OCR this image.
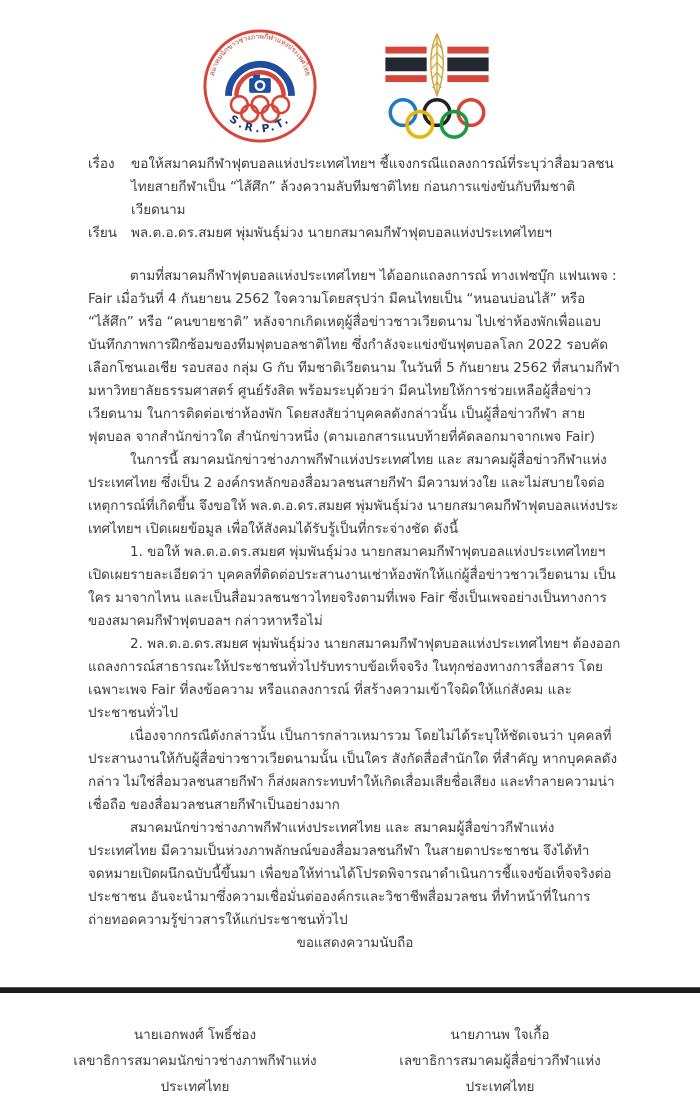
สมาคมนักข่าวช่างภาพกีฬาแห่งประเทศไทย
S.R.P.T.
เรื่อง	ขอให้สมาคมกีฬาฟุตบอลแห่งประเทศไทยฯ ชี้แจงกรณีแถลงการณ์ที่ระบุว่าสื่อมวลชนไทยสายกีฬาเป็น “ไส้ศึก” ล้วงความลับทีมชาติไทย ก่อนการแข่งขันกับทีมชาติเวียดนาม
เรียน	พล.ต.อ.ดร.สมยศ พุ่มพันธุ์ม่วง นายกสมาคมกีฬาฟุตบอลแห่งประเทศไทยฯ

ตามที่สมาคมกีฬาฟุตบอลแห่งประเทศไทยฯ ได้ออกแถลงการณ์ ทางเฟซบุ๊ก แฟนเพจ : Fair เมื่อวันที่ 4 กันยายน 2562 ใจความโดยสรุปว่า มีคนไทยเป็น “หนอนบ่อนไส้” หรือ “ไส้ศึก” หรือ “คนขายชาติ” หลังจากเกิดเหตุผู้สื่อข่าวชาวเวียดนาม ไปเช่าห้องพักเพื่อแอบบันทึกภาพการฝึกซ้อมของทีมฟุตบอลชาติไทย ซึ่งกำลังจะแข่งขันฟุตบอลโลก 2022 รอบคัดเลือกโซนเอเชีย รอบสอง กลุ่ม G กับ ทีมชาติเวียดนาม ในวันที่ 5 กันยายน 2562 ที่สนามกีฬามหาวิทยาลัยธรรมศาสตร์ ศูนย์รังสิต พร้อมระบุด้วยว่า มีคนไทยให้การช่วยเหลือผู้สื่อข่าวเวียดนาม ในการติดต่อเช่าห้องพัก โดยสงสัยว่าบุคคลดังกล่าวนั้น เป็นผู้สื่อข่าวกีฬา สายฟุตบอล จากสำนักข่าวใด สำนักข่าวหนึ่ง (ตามเอกสารแนบท้ายที่คัดลอกมาจากเพจ Fair)

ในการนี้ สมาคมนักข่าวช่างภาพกีฬาแห่งประเทศไทย และ สมาคมผู้สื่อข่าวกีฬาแห่งประเทศไทย ซึ่งเป็น 2 องค์กรหลักของสื่อมวลชนสายกีฬา มีความห่วงใย และไม่สบายใจต่อเหตุการณ์ที่เกิดขึ้น จึงขอให้ พล.ต.อ.ดร.สมยศ พุ่มพันธุ์ม่วง นายกสมาคมกีฬาฟุตบอลแห่งประเทศไทยฯ เปิดเผยข้อมูล เพื่อให้สังคมได้รับรู้เป็นที่กระจ่างชัด ดังนี้

1. ขอให้ พล.ต.อ.ดร.สมยศ พุ่มพันธุ์ม่วง นายกสมาคมกีฬาฟุตบอลแห่งประเทศไทยฯ เปิดเผยรายละเอียดว่า บุคคลที่ติดต่อประสานงานเช่าห้องพักให้แก่ผู้สื่อข่าวชาวเวียดนาม เป็นใคร มาจากไหน และเป็นสื่อมวลชนชาวไทยจริงตามที่เพจ Fair ซึ่งเป็นเพจอย่างเป็นทางการของสมาคมกีฬาฟุตบอลฯ กล่าวหาหรือไม่

2. พล.ต.อ.ดร.สมยศ พุ่มพันธุ์ม่วง นายกสมาคมกีฬาฟุตบอลแห่งประเทศไทยฯ ต้องออกแถลงการณ์สาธารณะให้ประชาชนทั่วไปรับทราบข้อเท็จจริง ในทุกช่องทางการสื่อสาร โดยเฉพาะเพจ Fair ที่ลงข้อความ หรือแถลงการณ์ ที่สร้างความเข้าใจผิดให้แก่สังคม และประชาชนทั่วไป

เนื่องจากกรณีดังกล่าวนั้น เป็นการกล่าวเหมารวม โดยไม่ได้ระบุให้ชัดเจนว่า บุคคลที่ประสานงานให้กับผู้สื่อข่าวชาวเวียดนามนั้น เป็นใคร สังกัดสื่อสำนักใด ที่สำคัญ หากบุคคลดังกล่าว ไม่ใช่สื่อมวลชนสายกีฬา ก็ส่งผลกระทบทำให้เกิดเสื่อมเสียชื่อเสียง และทำลายความน่าเชื่อถือ ของสื่อมวลชนสายกีฬาเป็นอย่างมาก

สมาคมนักข่าวช่างภาพกีฬาแห่งประเทศไทย และ สมาคมผู้สื่อข่าวกีฬาแห่งประเทศไทย มีความเป็นห่วงภาพลักษณ์ของสื่อมวลชนกีฬา ในสายตาประชาชน จึงได้ทำจดหมายเปิดผนึกฉบับนี้ขึ้นมา เพื่อขอให้ท่านได้โปรดพิจารณาดำเนินการชี้แจงข้อเท็จจริงต่อประชาชน อันจะนำมาซึ่งความเชื่อมั่นต่อองค์กรและวิชาชีพสื่อมวลชน ที่ทำหน้าที่ในการถ่ายทอดความรู้ข่าวสารให้แก่ประชาชนทั่วไป

ขอแสดงความนับถือ
นายเอกพงศ์ โพธิ์ช่อง
เลขาธิการสมาคมนักข่าวช่างภาพกีฬาแห่งประเทศไทย
นายภานพ ใจเกื้อ
เลขาธิการสมาคมผู้สื่อข่าวกีฬาแห่งประเทศไทย
